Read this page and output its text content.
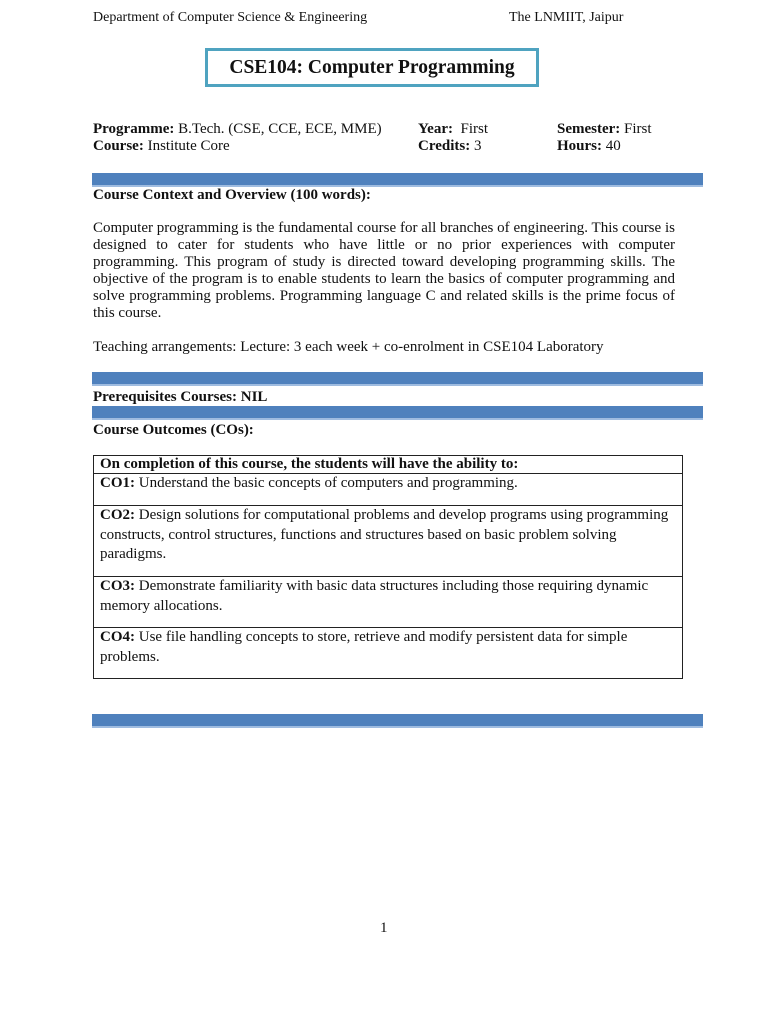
Department of Computer Science & Engineering	The LNMIIT, Jaipur
CSE104: Computer Programming
Programme: B.Tech. (CSE, CCE, ECE, MME)
Course: Institute Core
Year: First
Credits: 3
Semester: First
Hours: 40
Course Context and Overview (100 words):
Computer programming is the fundamental course for all branches of engineering. This course is designed to cater for students who have little or no prior experiences with computer programming. This program of study is directed toward developing programming skills. The objective of the program is to enable students to learn the basics of computer programming and solve programming problems. Programming language C and related skills is the prime focus of this course.
Teaching arrangements: Lecture: 3 each week + co-enrolment in CSE104 Laboratory
Prerequisites Courses: NIL
Course Outcomes (COs):
On completion of this course, the students will have the ability to:
CO1: Understand the basic concepts of computers and programming.
CO2: Design solutions for computational problems and develop programs using programming constructs, control structures, functions and structures based on basic problem solving paradigms.
CO3: Demonstrate familiarity with basic data structures including those requiring dynamic memory allocations.
CO4: Use file handling concepts to store, retrieve and modify persistent data for simple problems.
1
